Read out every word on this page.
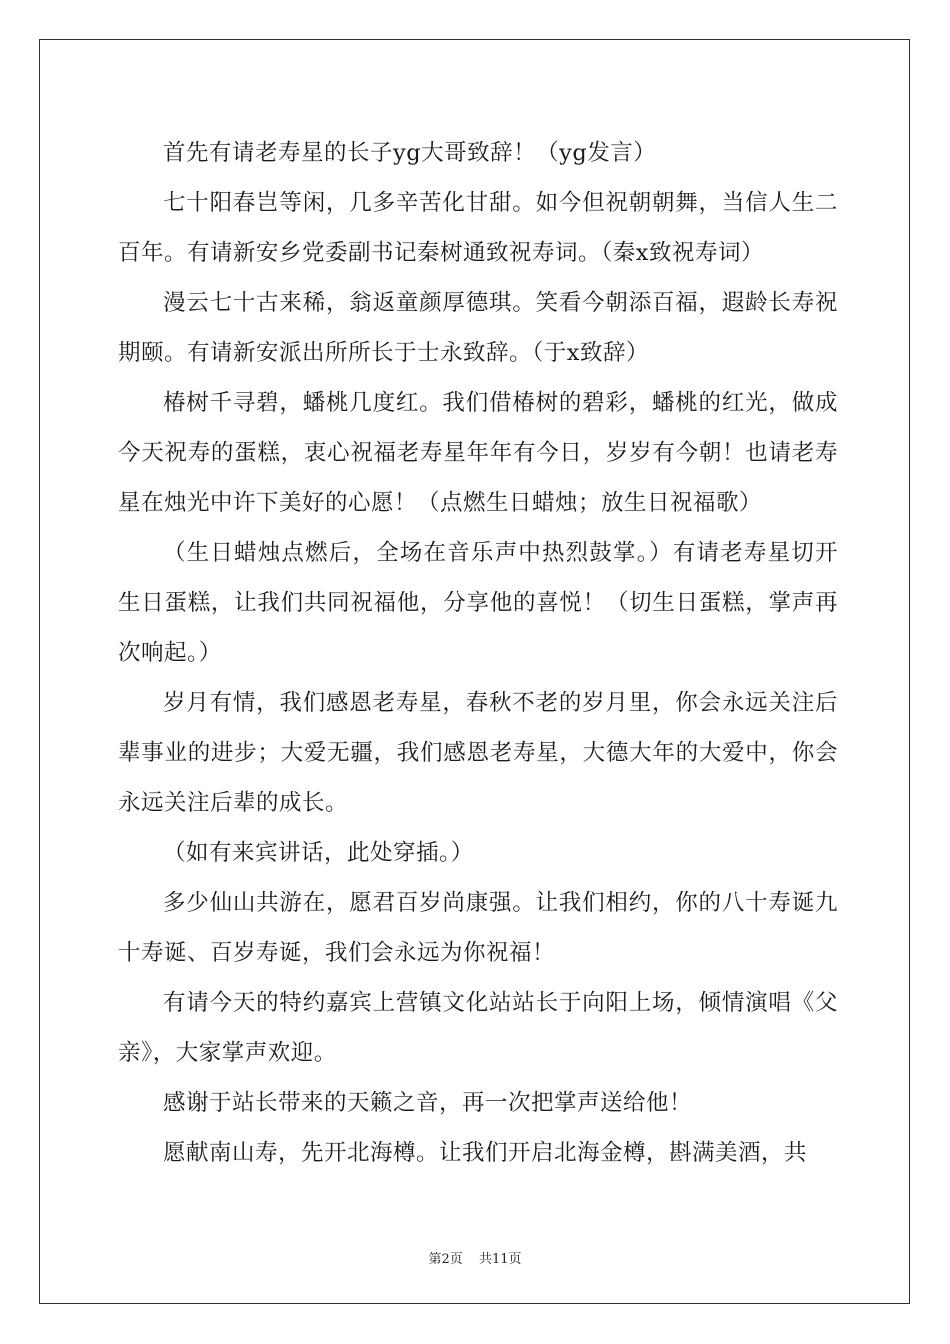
首先有请老寿星的长子yg大哥致辞！（yg发言）

七十阳春岂等闲，几多辛苦化甘甜。如今但祝朝朝舞，当信人生二百年。有请新安乡党委副书记秦树通致祝寿词。（秦x致祝寿词）

漫云七十古来稀，翁返童颜厚德琪。笑看今朝添百福，遐龄长寿祝期颐。有请新安派出所所长于士永致辞。（于x致辞）

椿树千寻碧，蟠桃几度红。我们借椿树的碧彩，蟠桃的红光，做成今天祝寿的蛋糕，衷心祝福老寿星年年有今日，岁岁有今朝！也请老寿星在烛光中许下美好的心愿！（点燃生日蜡烛；放生日祝福歌）

（生日蜡烛点燃后，全场在音乐声中热烈鼓掌。）有请老寿星切开生日蛋糕，让我们共同祝福他，分享他的喜悦！（切生日蛋糕，掌声再次响起。）

岁月有情，我们感恩老寿星，春秋不老的岁月里，你会永远关注后辈事业的进步；大爱无疆，我们感恩老寿星，大德大年的大爱中，你会永远关注后辈的成长。

（如有来宾讲话，此处穿插。）

多少仙山共游在，愿君百岁尚康强。让我们相约，你的八十寿诞九十寿诞、百岁寿诞，我们会永远为你祝福！

有请今天的特约嘉宾上营镇文化站站长于向阳上场，倾情演唱《父亲》，大家掌声欢迎。

感谢于站长带来的天籁之音，再一次把掌声送给他！

愿献南山寿，先开北海樽。让我们开启北海金樽，斟满美酒，共

第2页 共11页
